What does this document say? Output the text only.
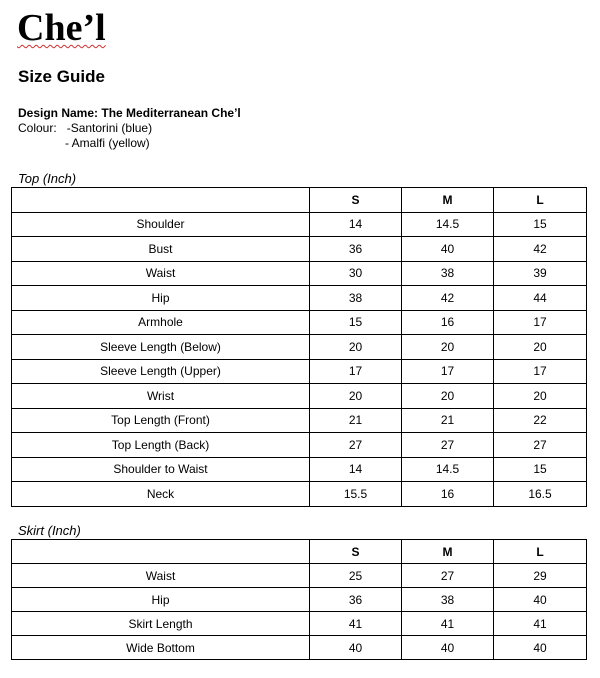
Che’l
Size Guide
Design Name: The Mediterranean Che’l
Colour: -Santorini (blue)
- Amalfi (yellow)
Top (Inch)
	S	M	L
Shoulder	14	14.5	15
Bust	36	40	42
Waist	30	38	39
Hip	38	42	44
Armhole	15	16	17
Sleeve Length (Below)	20	20	20
Sleeve Length (Upper)	17	17	17
Wrist	20	20	20
Top Length (Front)	21	21	22
Top Length (Back)	27	27	27
Shoulder to Waist	14	14.5	15
Neck	15.5	16	16.5
Skirt (Inch)
	S	M	L
Waist	25	27	29
Hip	36	38	40
Skirt Length	41	41	41
Wide Bottom	40	40	40
